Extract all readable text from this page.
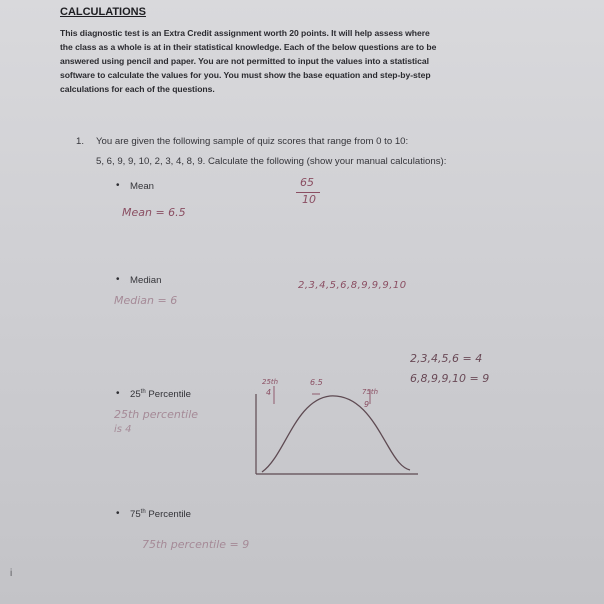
CALCULATIONS
This diagnostic test is an Extra Credit assignment worth 20 points. It will help assess where
the class as a whole is at in their statistical knowledge. Each of the below questions are to be
answered using pencil and paper. You are not permitted to input the values into a statistical
software to calculate the values for you. You must show the base equation and step-by-step
calculations for each of the questions.
1. You are given the following sample of quiz scores that range from 0 to 10:
5, 6, 9, 9, 10, 2, 3, 4, 8, 9. Calculate the following (show your manual calculations):
• Mean
• Median
• 25th Percentile
• 75th Percentile
65
10
Mean = 6.5
Median = 6
2,3,4,5,6,8,9,9,9,10
2,3,4,5,6 = 4
6,8,9,9,10 = 9
25th
4
6.5
75th
9
25th percentile
is 4
75th percentile = 9
i
